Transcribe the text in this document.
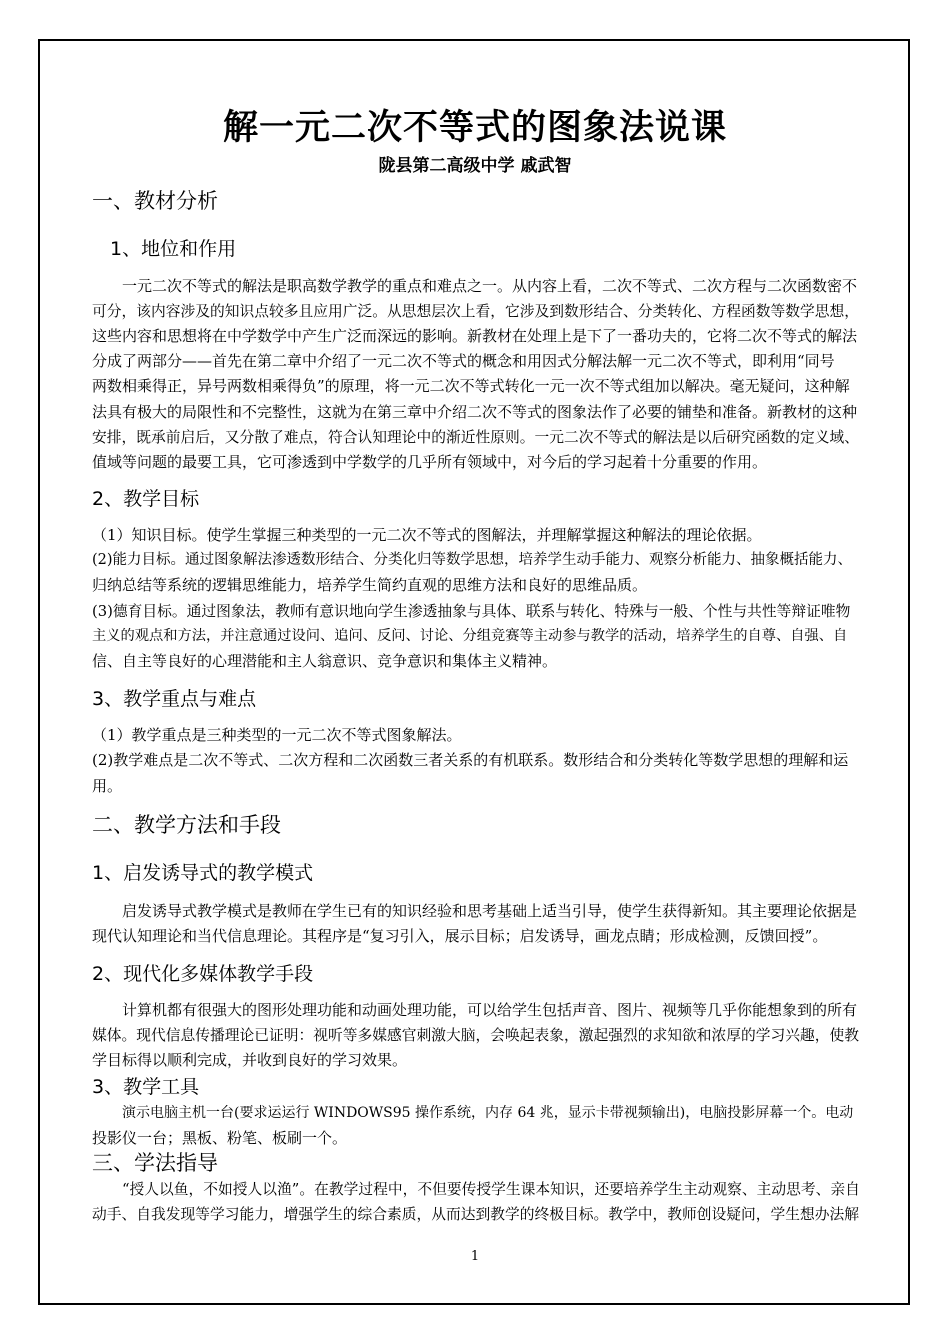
解一元二次不等式的图象法说课
陇县第二高级中学 戚武智
一、教材分析
1、地位和作用
一元二次不等式的解法是职高数学教学的重点和难点之一。从内容上看，二次不等式、二次方程与二次函数密不
可分，该内容涉及的知识点较多且应用广泛。从思想层次上看，它涉及到数形结合、分类转化、方程函数等数学思想，
这些内容和思想将在中学数学中产生广泛而深远的影响。新教材在处理上是下了一番功夫的，它将二次不等式的解法
分成了两部分——首先在第二章中介绍了一元二次不等式的概念和用因式分解法解一元二次不等式，即利用“同号
两数相乘得正，异号两数相乘得负”的原理，将一元二次不等式转化一元一次不等式组加以解决。毫无疑问，这种解
法具有极大的局限性和不完整性，这就为在第三章中介绍二次不等式的图象法作了必要的铺垫和准备。新教材的这种
安排，既承前启后，又分散了难点，符合认知理论中的渐近性原则。一元二次不等式的解法是以后研究函数的定义域、
值域等问题的最要工具，它可渗透到中学数学的几乎所有领域中，对今后的学习起着十分重要的作用。
2、教学目标
（1）知识目标。使学生掌握三种类型的一元二次不等式的图解法，并理解掌握这种解法的理论依据。
(2)能力目标。通过图象解法渗透数形结合、分类化归等数学思想，培养学生动手能力、观察分析能力、抽象概括能力、
归纳总结等系统的逻辑思维能力，培养学生简约直观的思维方法和良好的思维品质。
(3)德育目标。通过图象法，教师有意识地向学生渗透抽象与具体、联系与转化、特殊与一般、个性与共性等辩证唯物
主义的观点和方法，并注意通过设问、追问、反问、讨论、分组竞赛等主动参与教学的活动，培养学生的自尊、自强、自
信、自主等良好的心理潜能和主人翁意识、竞争意识和集体主义精神。
3、教学重点与难点
（1）教学重点是三种类型的一元二次不等式图象解法。
(2)教学难点是二次不等式、二次方程和二次函数三者关系的有机联系。数形结合和分类转化等数学思想的理解和运
用。
二、教学方法和手段
1、启发诱导式的教学模式
启发诱导式教学模式是教师在学生已有的知识经验和思考基础上适当引导，使学生获得新知。其主要理论依据是
现代认知理论和当代信息理论。其程序是“复习引入，展示目标；启发诱导，画龙点睛；形成检测，反馈回授”。
2、现代化多媒体教学手段
计算机都有很强大的图形处理功能和动画处理功能，可以给学生包括声音、图片、视频等几乎你能想象到的所有
媒体。现代信息传播理论已证明：视听等多媒感官刺激大脑，会唤起表象，激起强烈的求知欲和浓厚的学习兴趣，使教
学目标得以顺利完成，并收到良好的学习效果。
3、教学工具
演示电脑主机一台(要求运运行 WINDOWS95 操作系统，内存 64 兆，显示卡带视频输出)，电脑投影屏幕一个。电动
投影仪一台；黑板、粉笔、板刷一个。
三、学法指导
“授人以鱼，不如授人以渔”。在教学过程中，不但要传授学生课本知识，还要培养学生主动观察、主动思考、亲自
动手、自我发现等学习能力，增强学生的综合素质，从而达到教学的终极目标。教学中，教师创设疑问，学生想办法解
1
